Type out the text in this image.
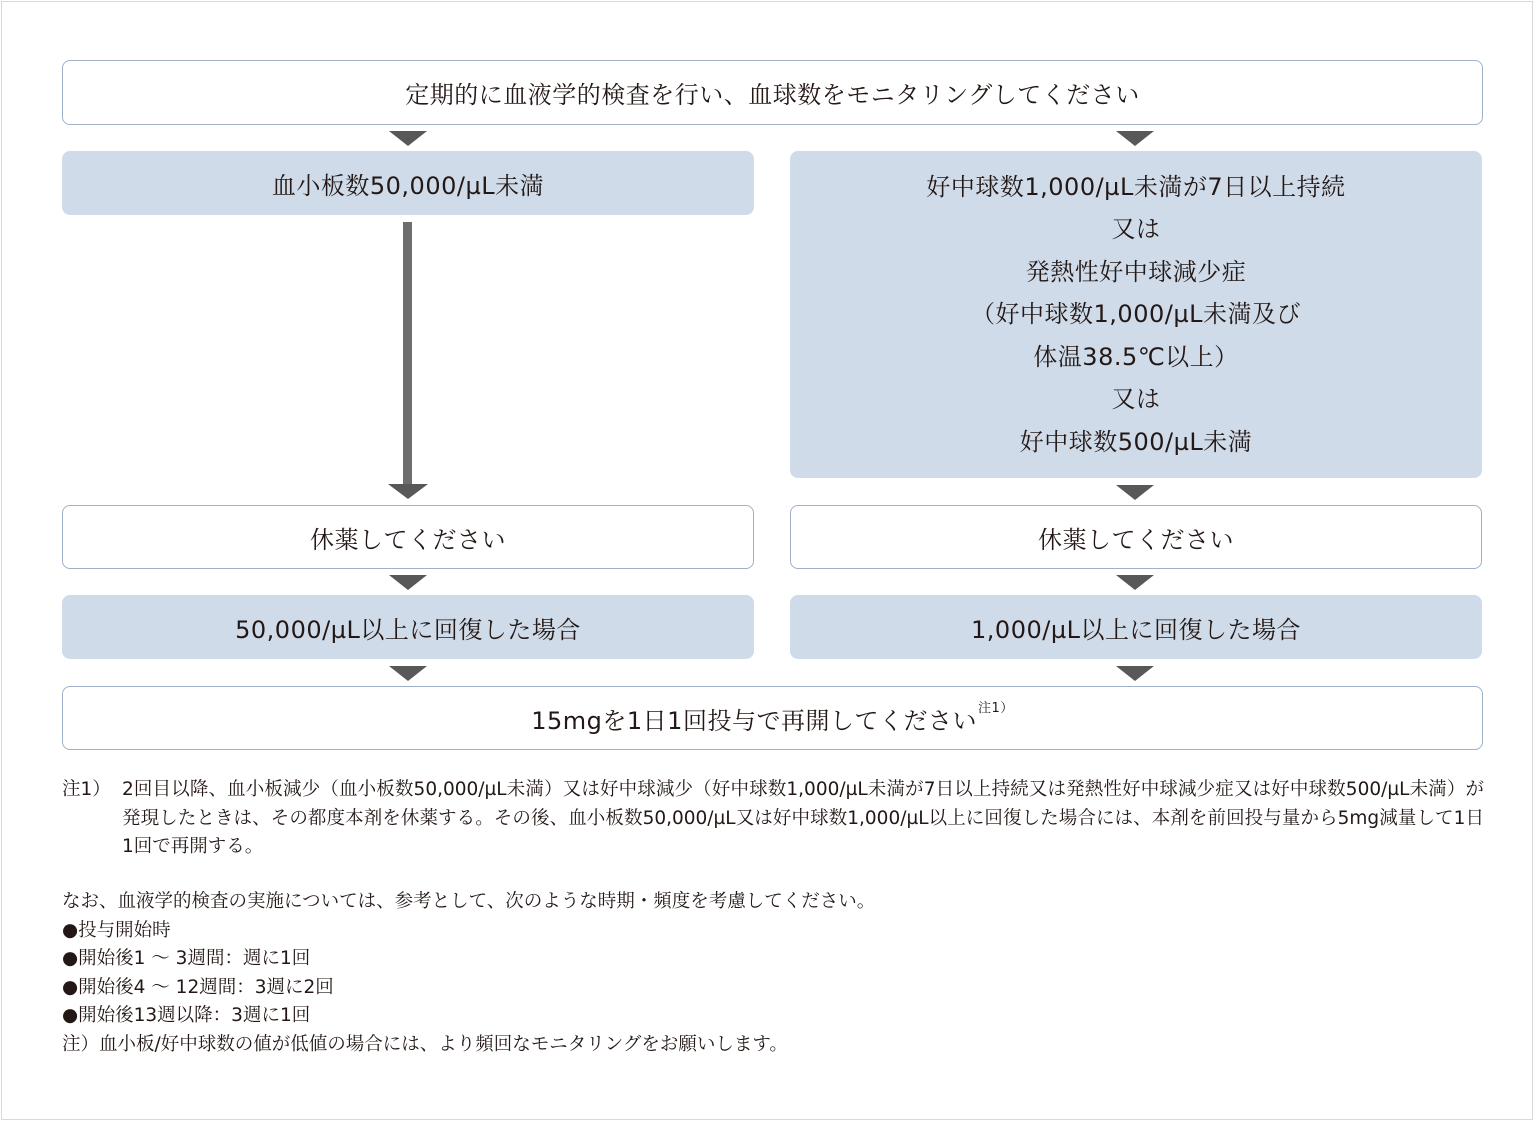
定期的に血液学的検査を行い、血球数をモニタリングしてください
血小板数50,000/µL未満	好中球数1,000/µL未満が7日以上持続
又は
発熱性好中球減少症
（好中球数1,000/µL未満及び
体温38.5℃以上）
又は
好中球数500/µL未満
休薬してください	休薬してください
50,000/µL以上に回復した場合	1,000/µL以上に回復した場合
15mgを1日1回投与で再開してください$^{注1)}$
注1） 2回目以降、血小板減少（血小板数50,000/µL未満）又は好中球減少（好中球数1,000/µL未満が7日以上持続又は発熱性好中球減少症又は好中球数500/µL未満）が発現したときは、その都度本剤を休薬する。その後、血小板数50,000/µL又は好中球数1,000/µL以上に回復した場合には、本剤を前回投与量から5mg減量して1日1回で再開する。
なお、血液学的検査の実施については、参考として、次のような時期・頻度を考慮してください。
●投与開始時
●開始後1 ～ 3週間：週に1回
●開始後4 ～ 12週間：3週に2回
●開始後13週以降：3週に1回
注）血小板/好中球数の値が低値の場合には、より頻回なモニタリングをお願いします。
